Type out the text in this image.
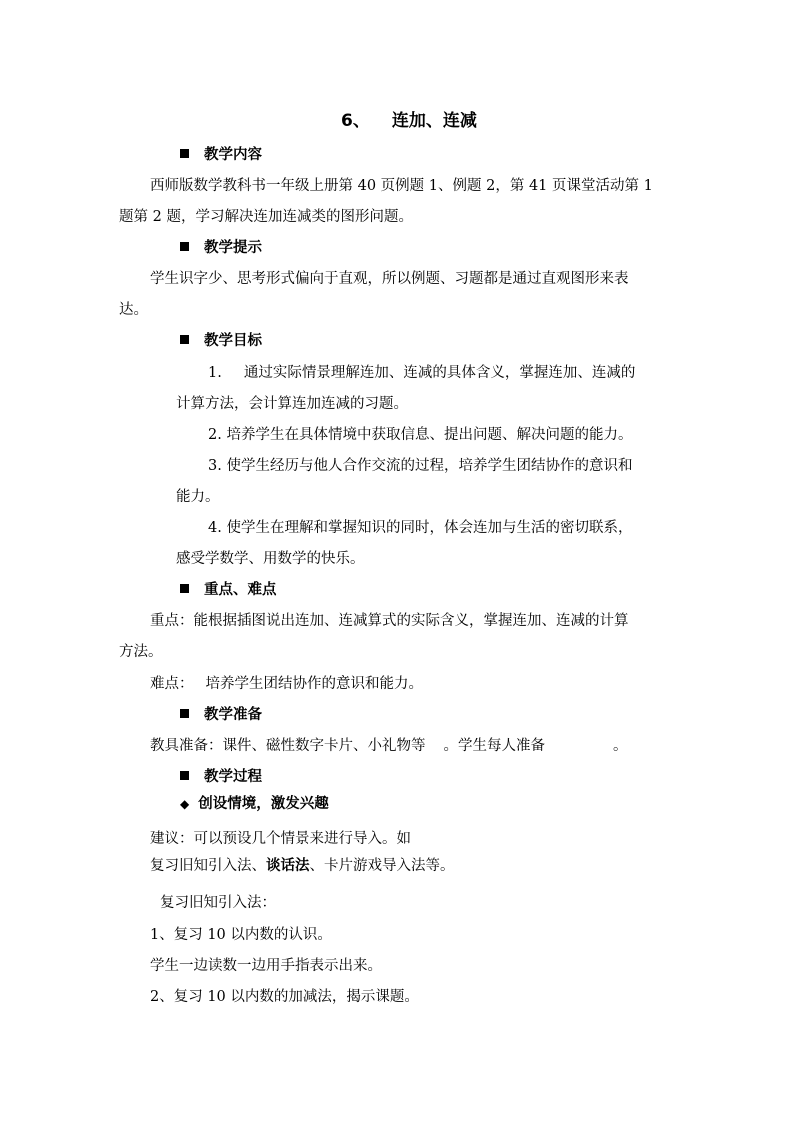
6、 连加、连减
教学内容
西师版数学教科书一年级上册第 40 页例题 1、例题 2，第 41 页课堂活动第 1
题第 2 题，学习解决连加连减类的图形问题。
教学提示
学生识字少、思考形式偏向于直观，所以例题、习题都是通过直观图形来表
达。
教学目标
1. 通过实际情景理解连加、连减的具体含义，掌握连加、连减的
计算方法，会计算连加连减的习题。
2. 培养学生在具体情境中获取信息、提出问题、解决问题的能力。
3. 使学生经历与他人合作交流的过程，培养学生团结协作的意识和
能力。
4. 使学生在理解和掌握知识的同时，体会连加与生活的密切联系，
感受学数学、用数学的快乐。
重点、难点
重点：能根据插图说出连加、连减算式的实际含义，掌握连加、连减的计算
方法。
难点： 培养学生团结协作的意识和能力。
教学准备
教具准备：课件、磁性数字卡片、小礼物等 。学生每人准备	。
教学过程
◆ 创设情境，激发兴趣
建议：可以预设几个情景来进行导入。如
复习旧知引入法、谈话法、卡片游戏导入法等。
复习旧知引入法：
1、复习 10 以内数的认识。
学生一边读数一边用手指表示出来。
2、复习 10 以内数的加减法，揭示课题。
